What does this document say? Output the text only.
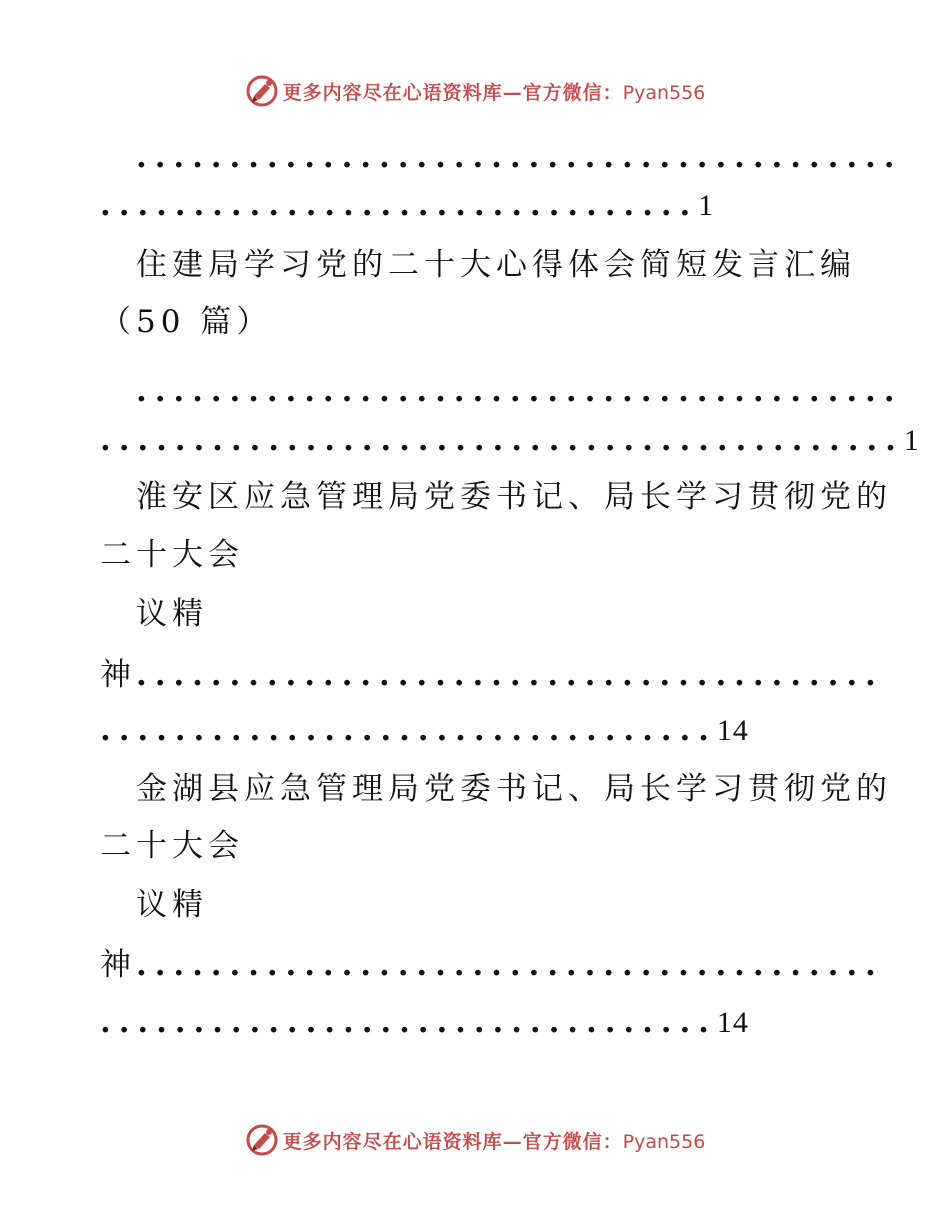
更多内容尽在心语资料库—官方微信：Pyan556
.........................................
................................1
住建局学习党的二十大心得体会简短发言汇编
（50 篇）
.........................................
...........................................1
淮安区应急管理局党委书记、局长学习贯彻党的
二十大会
议精
神........................................
.................................14
金湖县应急管理局党委书记、局长学习贯彻党的
二十大会
议精
神........................................
.................................14
更多内容尽在心语资料库—官方微信：Pyan556
